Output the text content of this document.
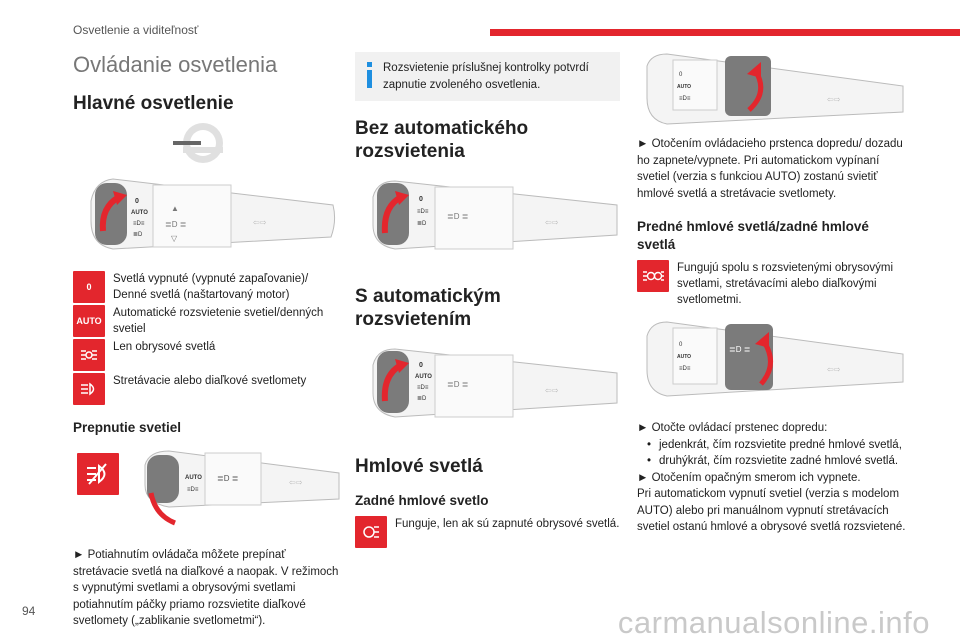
Osvetlenie a viditeľnosť
Ovládanie osvetlenia
Hlavné osvetlenie
0
AUTO
≡D≡
≣D
▲
≣D ≣
▽
⇦⇨
0

Svetlá vypnuté (vypnuté zapaľovanie)/ Denné svetlá (naštartovaný motor)

AUTO

Automatické rozsvietenie svetiel/denných svetiel

Len obrysové svetlá

Stretávacie alebo diaľkové svetlomety

Prepnutie svetiel
AUTO
≡D≡
≣D ≣	⇦⇨

► Potiahnutím ovládača môžete prepínať stretávacie svetlá na diaľkové a naopak. V režimoch s vypnutými svetlami a obrysovými svetlami potiahnutím páčky priamo rozsvietite diaľkové svetlomety („zablikanie svetlometmi“).

Rozsvietenie príslušnej kontrolky potvrdí zapnutie zvoleného osvetlenia.

Bez automatického rozsvietenia
0
≡D≡
≣D
≣D ≣
⇦⇨
S automatickým rozsvietením
0
AUTO
≡D≡
≣D
≣D ≣
⇦⇨
Hmlové svetlá
Zadné hmlové svetlo

Funguje, len ak sú zapnuté obrysové svetlá.

0
AUTO
≡D≡	⇦⇨

► Otočením ovládacieho prstenca dopredu/ dozadu ho zapnete/vypnete. Pri automatickom vypínaní svetiel (verzia s funkciou AUTO) zostanú svietiť hmlové svetlá a stretávacie svetlomety.

Predné hmlové svetlá/zadné hmlové svetlá

Fungujú spolu s rozsvietenými obrysovými svetlami, stretávacími alebo diaľkovými svetlometmi.

0
AUTO
≡D≡
≣D ≣
⇦⇨

► Otočte ovládací prstenec dopredu:

• jedenkrát, čím rozsvietite predné hmlové svetlá,
• druhýkrát, čím rozsvietite zadné hmlové svetlá.

► Otočením opačným smerom ich vypnete.

Pri automatickom vypnutí svetiel (verzia s modelom AUTO) alebo pri manuálnom vypnutí stretávacích svetiel ostanú hmlové a obrysové svetlá rozsvietené.

94	carmanualsonline.info
